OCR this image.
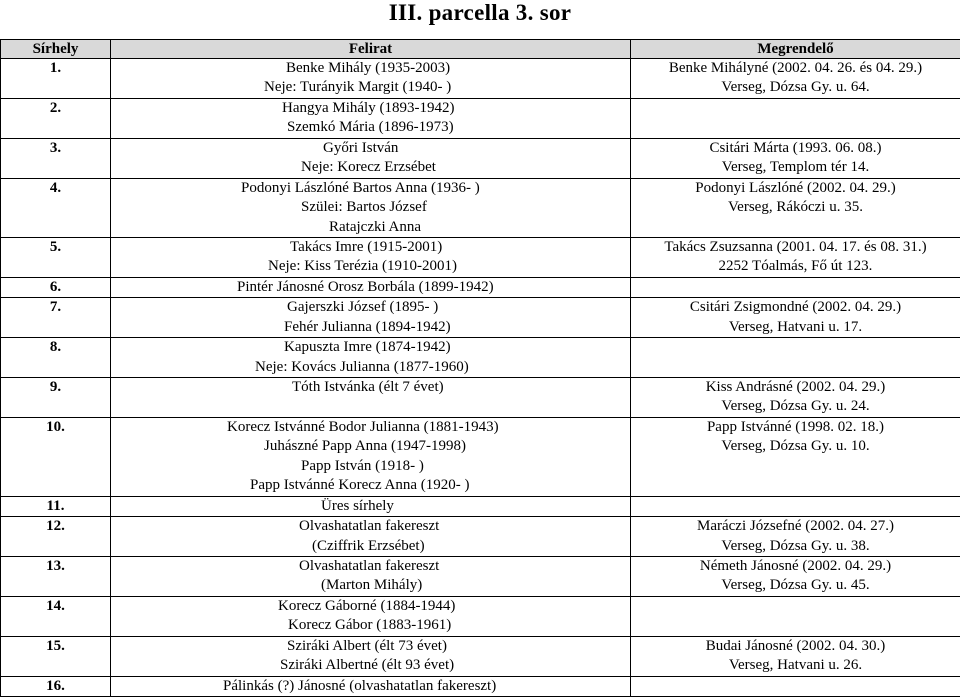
III. parcella 3. sor
Sírhely	Felirat	Megrendelő

1.	Benke Mihály (1935-2003)
Neje: Turányik Margit (1940- )	Benke Mihályné (2002. 04. 26. és 04. 29.)
Verseg, Dózsa Gy. u. 64.

2.	Hangya Mihály (1893-1942)
Szemkó Mária (1896-1973)	

3.	Győri István
Neje: Korecz Erzsébet	Csitári Márta (1993. 06. 08.)
Verseg, Templom tér 14.

4.	Podonyi Lászlóné Bartos Anna (1936- )
Szülei: Bartos József
Ratajczki Anna	Podonyi Lászlóné (2002. 04. 29.)
Verseg, Rákóczi u. 35.

5.	Takács Imre (1915-2001)
Neje: Kiss Terézia (1910-2001)	Takács Zsuzsanna (2001. 04. 17. és 08. 31.)
2252 Tóalmás, Fő út 123.

6.	Pintér Jánosné Orosz Borbála (1899-1942)	

7.	Gajerszki József (1895- )
Fehér Julianna (1894-1942)	Csitári Zsigmondné (2002. 04. 29.)
Verseg, Hatvani u. 17.

8.	Kapuszta Imre (1874-1942)
Neje: Kovács Julianna (1877-1960)	

9.	Tóth Istvánka (élt 7 évet)	Kiss Andrásné (2002. 04. 29.)
Verseg, Dózsa Gy. u. 24.

10.	Korecz Istvánné Bodor Julianna (1881-1943)
Juhászné Papp Anna (1947-1998)
Papp István (1918- )
Papp Istvánné Korecz Anna (1920- )	Papp Istvánné (1998. 02. 18.)
Verseg, Dózsa Gy. u. 10.

11.	Üres sírhely	

12.	Olvashatatlan fakereszt
(Cziffrik Erzsébet)	Maráczi Józsefné (2002. 04. 27.)
Verseg, Dózsa Gy. u. 38.

13.	Olvashatatlan fakereszt
(Marton Mihály)	Németh Jánosné (2002. 04. 29.)
Verseg, Dózsa Gy. u. 45.

14.	Korecz Gáborné (1884-1944)
Korecz Gábor (1883-1961)	

15.	Sziráki Albert (élt 73 évet)
Sziráki Albertné (élt 93 évet)	Budai Jánosné (2002. 04. 30.)
Verseg, Hatvani u. 26.

16.	Pálinkás (?) Jánosné (olvashatatlan fakereszt)	
